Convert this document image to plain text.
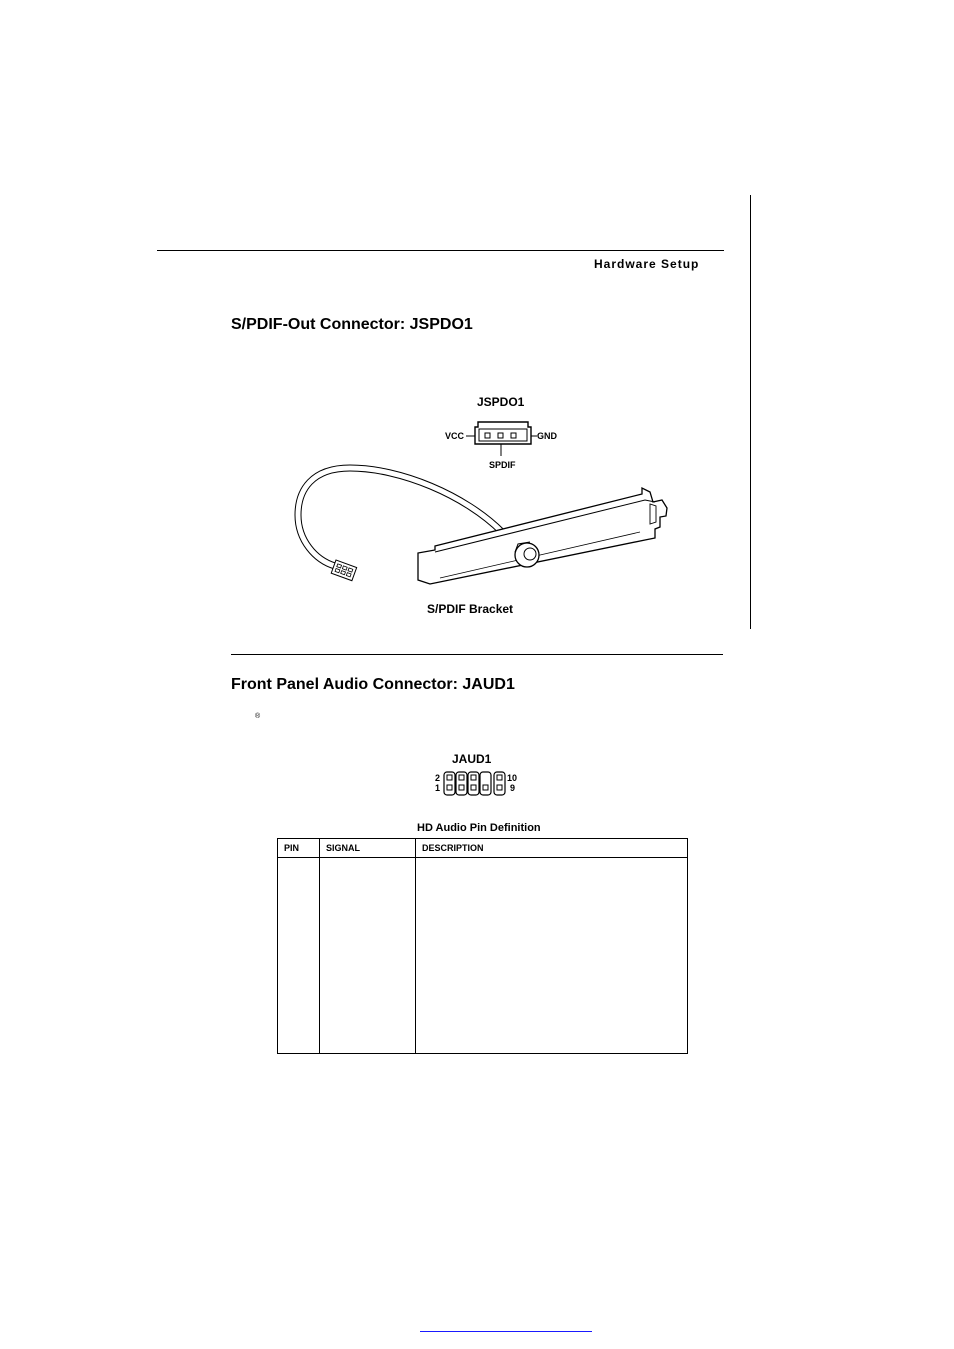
Hardware Setup
S/PDIF-Out Connector: JSPDO1
JSPDO1
VCC	GND
SPDIF
S/PDIF Bracket
Front Panel Audio Connector: JAUD1
®
JAUD1
2
1
10
9
HD Audio Pin Definition
PIN	SIGNAL	DESCRIPTION
